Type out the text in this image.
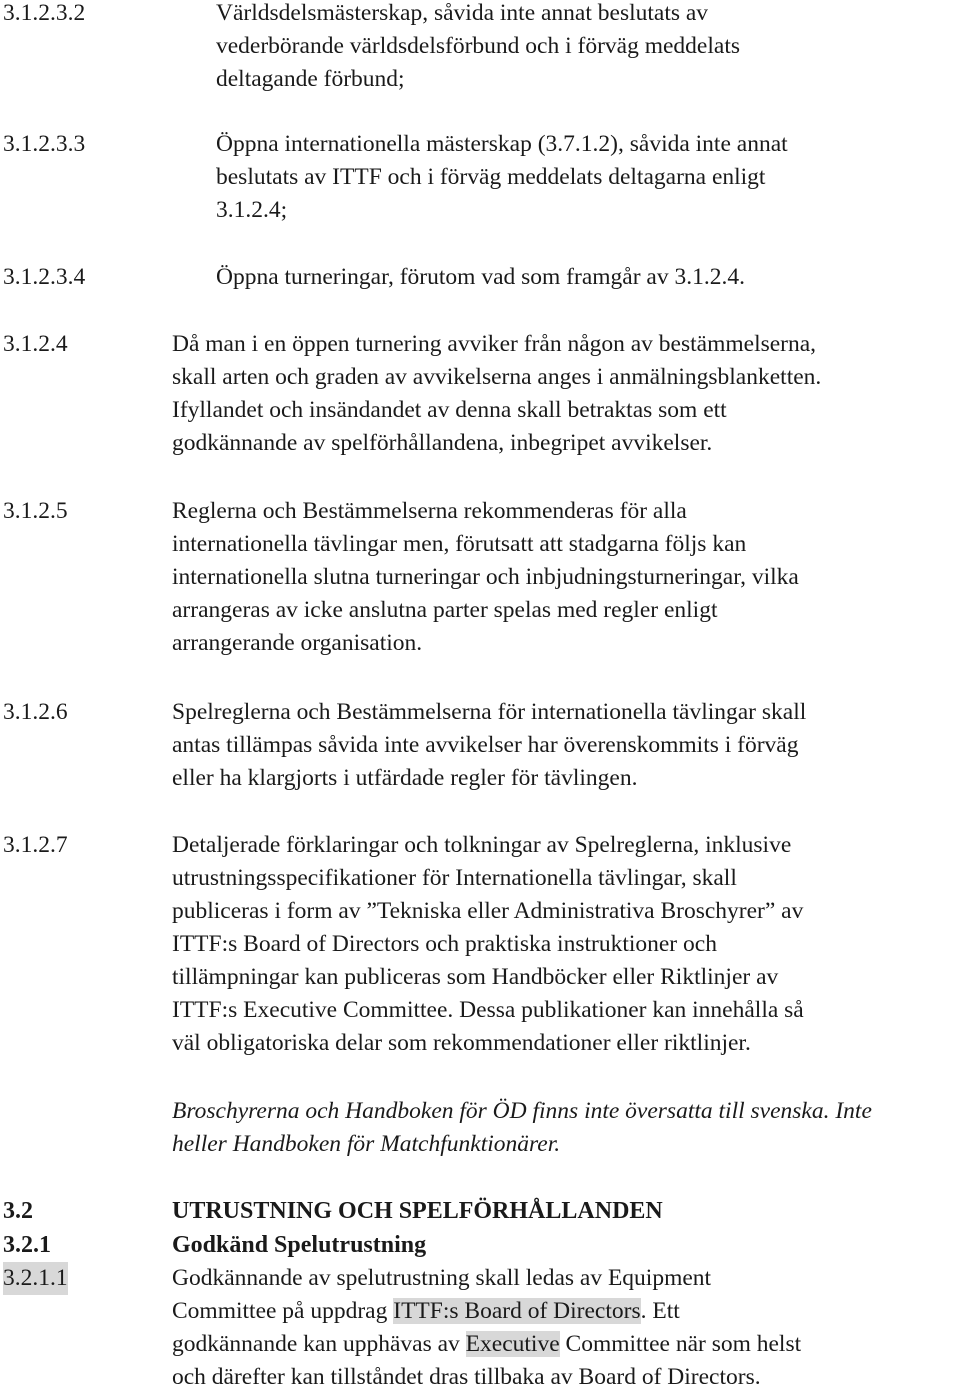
3.1.2.3.2	Världsdelsmästerskap, såvida inte annat beslutats av
vederbörande världsdelsförbund och i förväg meddelats
deltagande förbund;
3.1.2.3.3	Öppna internationella mästerskap (3.7.1.2), såvida inte annat
beslutats av ITTF och i förväg meddelats deltagarna enligt
3.1.2.4;
3.1.2.3.4	Öppna turneringar, förutom vad som framgår av 3.1.2.4.
3.1.2.4	Då man i en öppen turnering avviker från någon av bestämmelserna,
skall arten och graden av avvikelserna anges i anmälningsblanketten.
Ifyllandet och insändandet av denna skall betraktas som ett
godkännande av spelförhållandena, inbegripet avvikelser.
3.1.2.5	Reglerna och Bestämmelserna rekommenderas för alla
internationella tävlingar men, förutsatt att stadgarna följs kan
internationella slutna turneringar och inbjudningsturneringar, vilka
arrangeras av icke anslutna parter spelas med regler enligt
arrangerande organisation.
3.1.2.6	Spelreglerna och Bestämmelserna för internationella tävlingar skall
antas tillämpas såvida inte avvikelser har överenskommits i förväg
eller ha klargjorts i utfärdade regler för tävlingen.
3.1.2.7	Detaljerade förklaringar och tolkningar av Spelreglerna, inklusive
utrustningsspecifikationer för Internationella tävlingar, skall
publiceras i form av ”Tekniska eller Administrativa Broschyrer” av
ITTF:s Board of Directors och praktiska instruktioner och
tillämpningar kan publiceras som Handböcker eller Riktlinjer av
ITTF:s Executive Committee. Dessa publikationer kan innehålla så
väl obligatoriska delar som rekommendationer eller riktlinjer.
Broschyrerna och Handboken för ÖD finns inte översatta till svenska. Inte
heller Handboken för Matchfunktionärer.
3.2	UTRUSTNING OCH SPELFÖRHÅLLANDEN
3.2.1	Godkänd Spelutrustning
3.2.1.1	Godkännande av spelutrustning skall ledas av Equipment
Committee på uppdrag ITTF:s Board of Directors. Ett
godkännande kan upphävas av Executive Committee när som helst
och därefter kan tillståndet dras tillbaka av Board of Directors.
